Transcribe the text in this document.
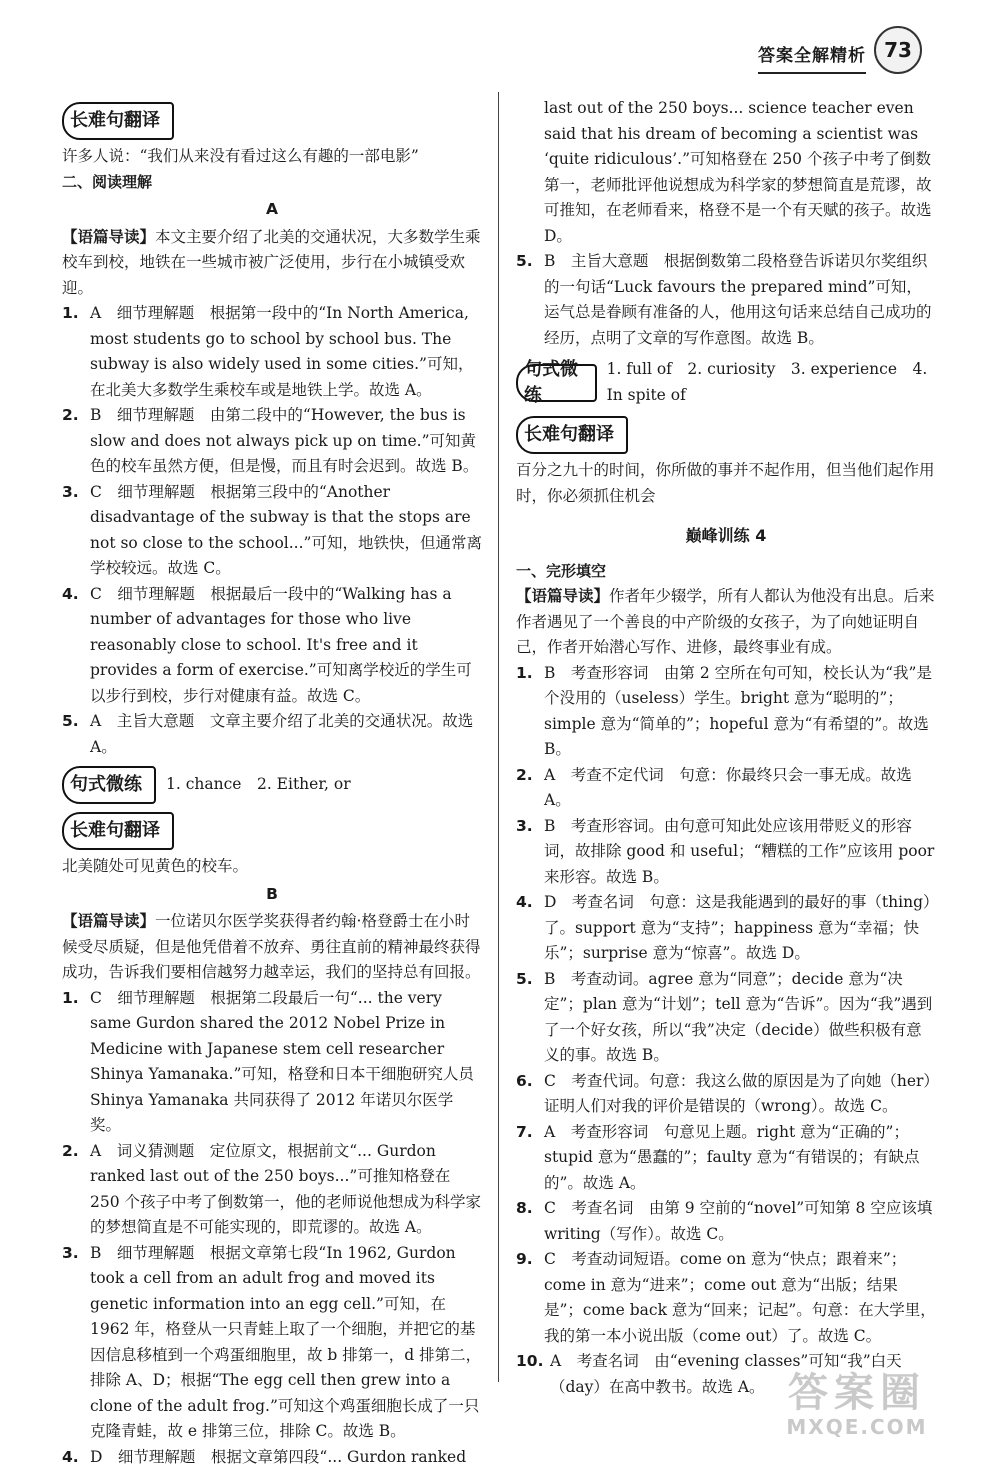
答案全解精析 73
长难句翻译

许多人说：“我们从来没有看过这么有趣的一部电影”

二、阅读理解

A

【语篇导读】本文主要介绍了北美的交通状况，大多数学生乘校车到校，地铁在一些城市被广泛使用，步行在小城镇受欢迎。

1. A　细节理解题　根据第一段中的“In North America, most students go to school by school bus. The subway is also widely used in some cities.”可知，在北美大多数学生乘校车或是地铁上学。故选 A。

2. B　细节理解题　由第二段中的“However, the bus is slow and does not always pick up on time.”可知黄色的校车虽然方便，但是慢，而且有时会迟到。故选 B。

3. C　细节理解题　根据第三段中的“Another disadvantage of the subway is that the stops are not so close to the school...”可知，地铁快，但通常离学校较远。故选 C。

4. C　细节理解题　根据最后一段中的“Walking has a number of advantages for those who live reasonably close to school. It's free and it provides a form of exercise.”可知离学校近的学生可以步行到校，步行对健康有益。故选 C。

5. A　主旨大意题　文章主要介绍了北美的交通状况。故选 A。

句式微练	1. chance　2. Either, or
长难句翻译

北美随处可见黄色的校车。

B

【语篇导读】一位诺贝尔医学奖获得者约翰·格登爵士在小时候受尽质疑，但是他凭借着不放弃、勇往直前的精神最终获得成功，告诉我们要相信越努力越幸运，我们的坚持总有回报。

1. C　细节理解题　根据第二段最后一句“... the very same Gurdon shared the 2012 Nobel Prize in Medicine with Japanese stem cell researcher Shinya Yamanaka.”可知，格登和日本干细胞研究人员 Shinya Yamanaka 共同获得了 2012 年诺贝尔医学奖。

2. A　词义猜测题　定位原文，根据前文“... Gurdon ranked last out of the 250 boys...”可推知格登在 250 个孩子中考了倒数第一，他的老师说他想成为科学家的梦想简直是不可能实现的，即荒谬的。故选 A。

3. B　细节理解题　根据文章第七段“In 1962, Gurdon took a cell from an adult frog and moved its genetic information into an egg cell.”可知，在 1962 年，格登从一只青蛙上取了一个细胞，并把它的基因信息移植到一个鸡蛋细胞里，故 b 排第一，d 排第二，排除 A、D；根据“The egg cell then grew into a clone of the adult frog.”可知这个鸡蛋细胞长成了一只克隆青蛙，故 e 排第三位，排除 C。故选 B。

4. D　细节理解题　根据文章第四段“... Gurdon ranked

last out of the 250 boys... science teacher even said that his dream of becoming a scientist was ‘quite ridiculous’.”可知格登在 250 个孩子中考了倒数第一，老师批评他说想成为科学家的梦想简直是荒谬，故可推知，在老师看来，格登不是一个有天赋的孩子。故选 D。

5. B　主旨大意题　根据倒数第二段格登告诉诺贝尔奖组织的一句话“Luck favours the prepared mind”可知，运气总是眷顾有准备的人，他用这句话来总结自己成功的经历，点明了文章的写作意图。故选 B。

句式微练
1. full of　2. curiosity　3. experience　4. In spite of
长难句翻译

百分之九十的时间，你所做的事并不起作用，但当他们起作用时，你必须抓住机会

巅峰训练 4

一、完形填空

【语篇导读】作者年少辍学，所有人都认为他没有出息。后来作者遇见了一个善良的中产阶级的女孩子，为了向她证明自己，作者开始潜心写作、进修，最终事业有成。

1. B　考查形容词　由第 2 空所在句可知，校长认为“我”是个没用的（useless）学生。bright 意为“聪明的”；simple 意为“简单的”；hopeful 意为“有希望的”。故选 B。

2. A　考查不定代词　句意：你最终只会一事无成。故选 A。

3. B　考查形容词。由句意可知此处应该用带贬义的形容词，故排除 good 和 useful；“糟糕的工作”应该用 poor 来形容。故选 B。

4. D　考查名词　句意：这是我能遇到的最好的事（thing）了。support 意为“支持”；happiness 意为“幸福；快乐”；surprise 意为“惊喜”。故选 D。

5. B　考查动词。agree 意为“同意”；decide 意为“决定”；plan 意为“计划”；tell 意为“告诉”。因为“我”遇到了一个好女孩，所以“我”决定（decide）做些积极有意义的事。故选 B。

6. C　考查代词。句意：我这么做的原因是为了向她（her）证明人们对我的评价是错误的（wrong）。故选 C。

7. A　考查形容词　句意见上题。right 意为“正确的”；stupid 意为“愚蠢的”；faulty 意为“有错误的；有缺点的”。故选 A。

8. C　考查名词　由第 9 空前的“novel”可知第 8 空应该填 writing（写作）。故选 C。

9. C　考查动词短语。come on 意为“快点；跟着来”；come in 意为“进来”；come out 意为“出版；结果是”；come back 意为“回来；记起”。句意：在大学里，我的第一本小说出版（come out）了。故选 C。

10. A　考查名词　由“evening classes”可知“我”白天（day）在高中教书。故选 A。 答案圈
MXQE.COM
